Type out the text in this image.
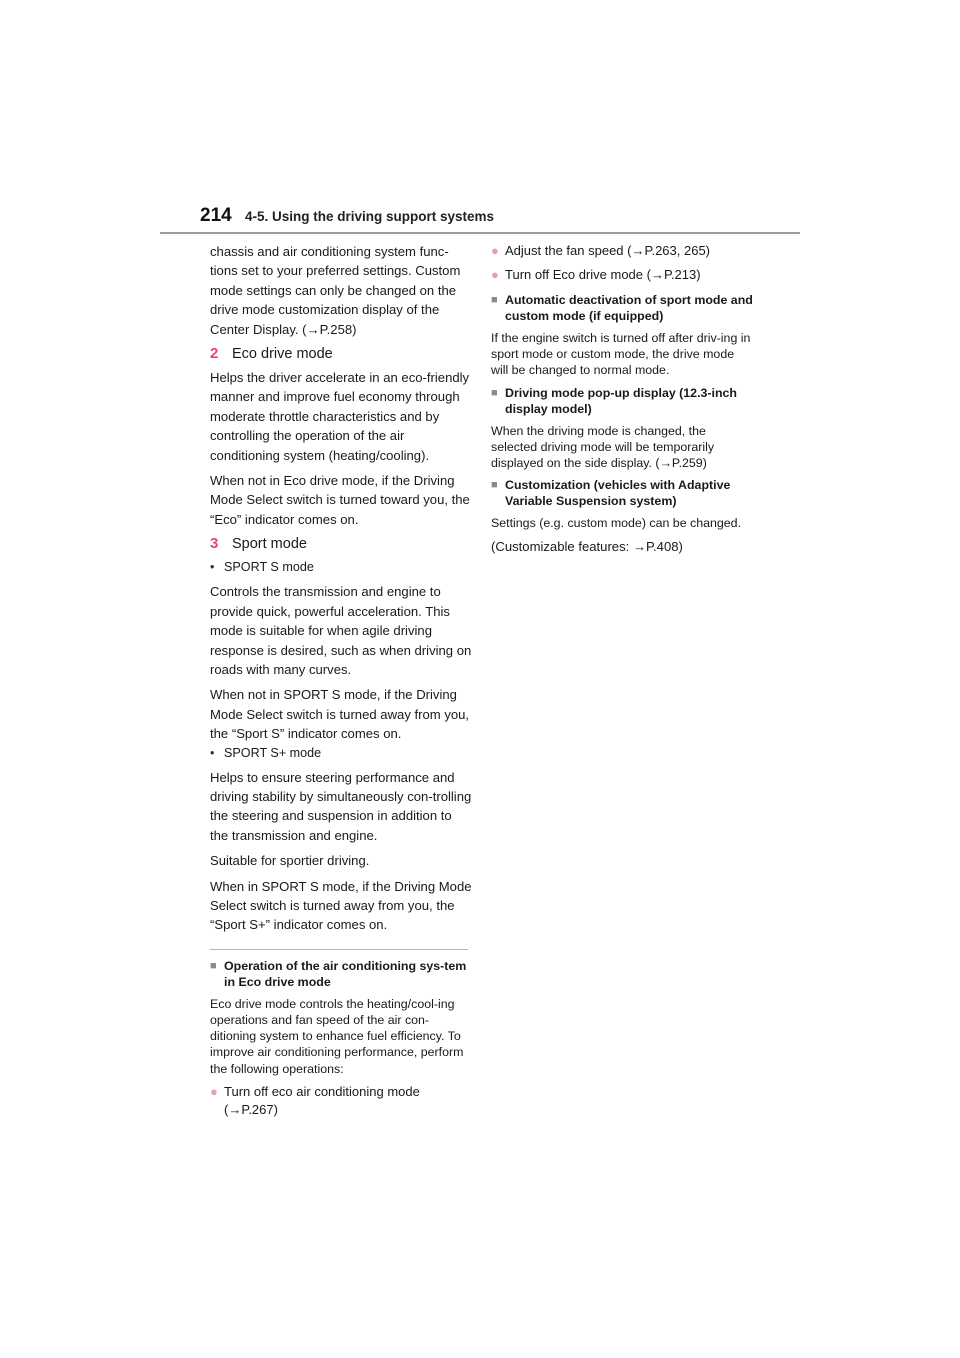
214 4-5. Using the driving support systems

chassis and air conditioning system func-tions set to your preferred settings. Custom mode settings can only be changed on the drive mode customization display of the Center Display. (→P.258)

2 Eco drive mode

Helps the driver accelerate in an eco-friendly manner and improve fuel economy through moderate throttle characteristics and by controlling the operation of the air conditioning system (heating/cooling).

When not in Eco drive mode, if the Driving Mode Select switch is turned toward you, the “Eco” indicator comes on.

3 Sport mode
• SPORT S mode

Controls the transmission and engine to provide quick, powerful acceleration. This mode is suitable for when agile driving response is desired, such as when driving on roads with many curves.

When not in SPORT S mode, if the Driving Mode Select switch is turned away from you, the “Sport S” indicator comes on.

• SPORT S+ mode

Helps to ensure steering performance and driving stability by simultaneously con-trolling the steering and suspension in addition to the transmission and engine.

Suitable for sportier driving.

When in SPORT S mode, if the Driving Mode Select switch is turned away from you, the “Sport S+” indicator comes on.

■ Operation of the air conditioning sys-tem in Eco drive mode

Eco drive mode controls the heating/cool-ing operations and fan speed of the air con-ditioning system to enhance fuel efficiency. To improve air conditioning performance, perform the following operations:

● Turn off eco air conditioning mode (→P.267)
● Adjust the fan speed (→P.263, 265)
● Turn off Eco drive mode (→P.213)
■ Automatic deactivation of sport mode and custom mode (if equipped)

If the engine switch is turned off after driv-ing in sport mode or custom mode, the drive mode will be changed to normal mode.

■ Driving mode pop-up display (12.3-inch display model)

When the driving mode is changed, the selected driving mode will be temporarily displayed on the side display. (→P.259)

■ Customization (vehicles with Adaptive Variable Suspension system)

Settings (e.g. custom mode) can be changed.

(Customizable features: →P.408)
